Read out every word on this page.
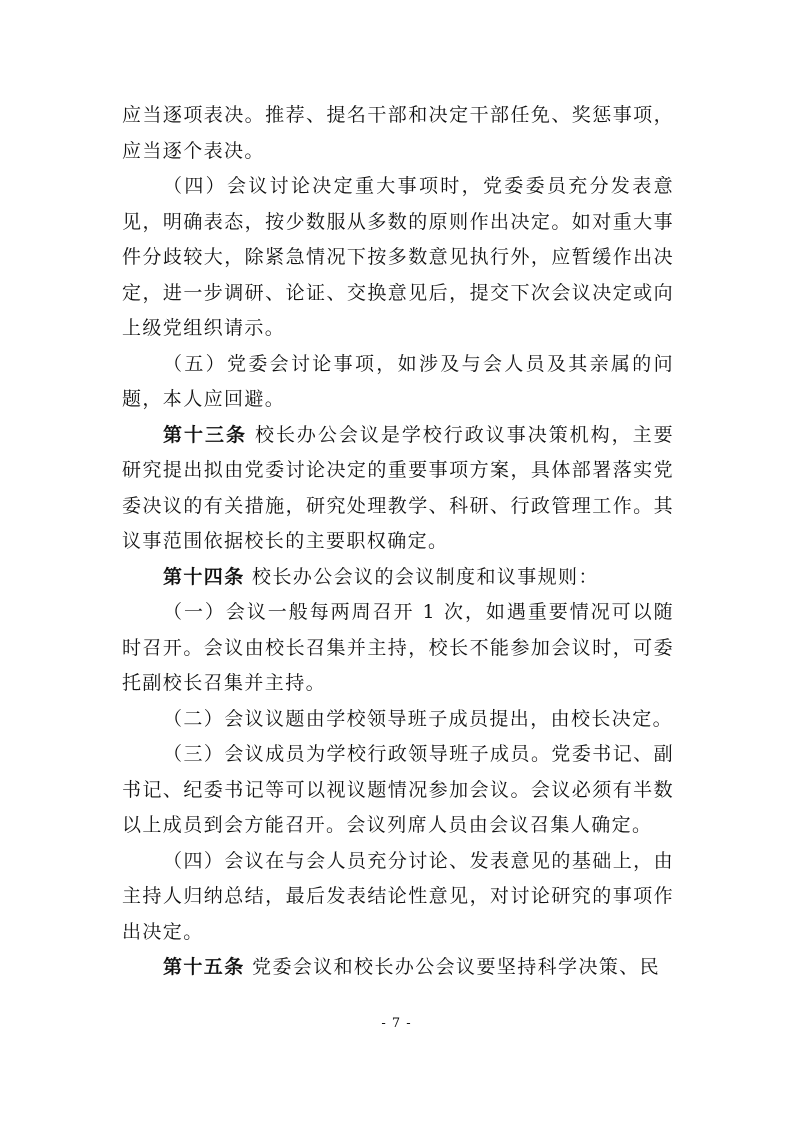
应当逐项表决。推荐、提名干部和决定干部任免、奖惩事项，应当逐个表决。

（四）会议讨论决定重大事项时，党委委员充分发表意见，明确表态，按少数服从多数的原则作出决定。如对重大事件分歧较大，除紧急情况下按多数意见执行外，应暂缓作出决定，进一步调研、论证、交换意见后，提交下次会议决定或向上级党组织请示。

（五）党委会讨论事项，如涉及与会人员及其亲属的问题，本人应回避。

第十三条 校长办公会议是学校行政议事决策机构，主要研究提出拟由党委讨论决定的重要事项方案，具体部署落实党委决议的有关措施，研究处理教学、科研、行政管理工作。其议事范围依据校长的主要职权确定。

第十四条 校长办公会议的会议制度和议事规则：

（一）会议一般每两周召开 1 次，如遇重要情况可以随时召开。会议由校长召集并主持，校长不能参加会议时，可委托副校长召集并主持。

（二）会议议题由学校领导班子成员提出，由校长决定。

（三）会议成员为学校行政领导班子成员。党委书记、副书记、纪委书记等可以视议题情况参加会议。会议必须有半数以上成员到会方能召开。会议列席人员由会议召集人确定。

（四）会议在与会人员充分讨论、发表意见的基础上，由主持人归纳总结，最后发表结论性意见，对讨论研究的事项作出决定。

第十五条 党委会议和校长办公会议要坚持科学决策、民

- 7 -
